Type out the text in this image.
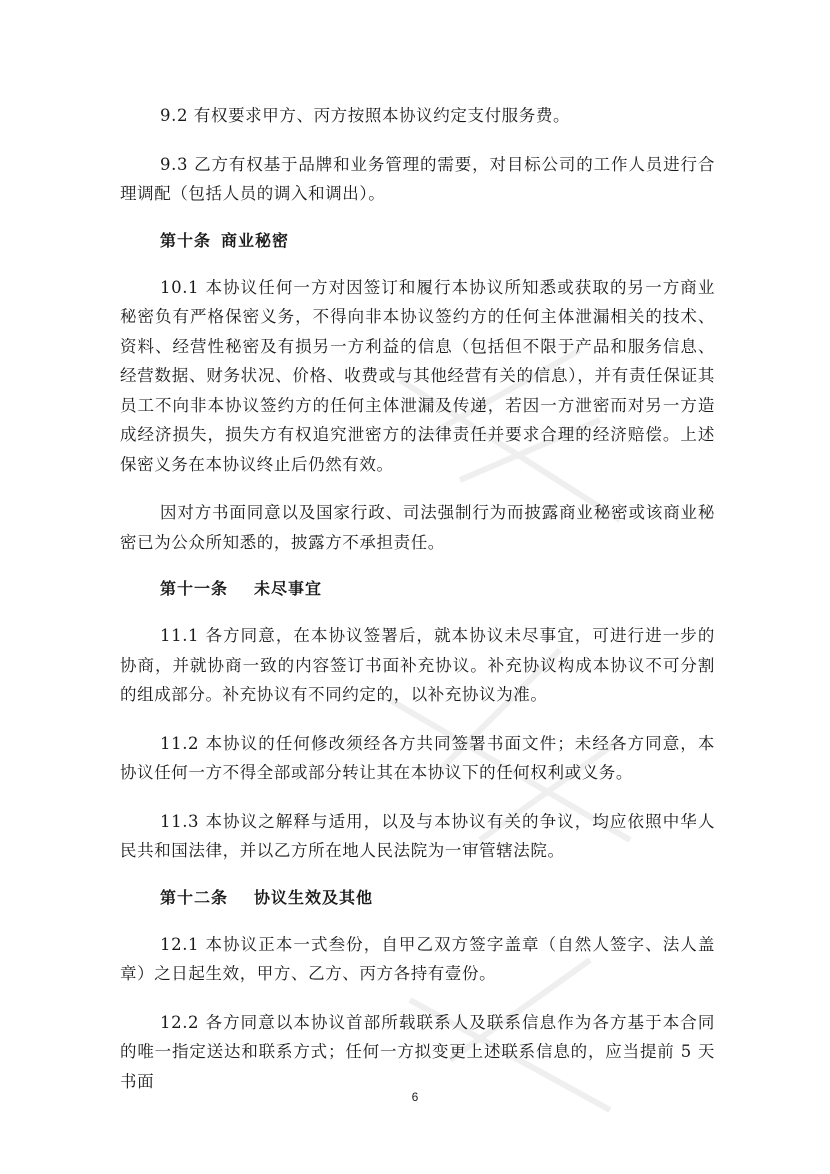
9.2 有权要求甲方、丙方按照本协议约定支付服务费。
9.3 乙方有权基于品牌和业务管理的需要，对目标公司的工作人员进行合理调配（包括人员的调入和调出）。
第十条 商业秘密
10.1 本协议任何一方对因签订和履行本协议所知悉或获取的另一方商业秘密负有严格保密义务，不得向非本协议签约方的任何主体泄漏相关的技术、资料、经营性秘密及有损另一方利益的信息（包括但不限于产品和服务信息、经营数据、财务状况、价格、收费或与其他经营有关的信息），并有责任保证其员工不向非本协议签约方的任何主体泄漏及传递，若因一方泄密而对另一方造成经济损失，损失方有权追究泄密方的法律责任并要求合理的经济赔偿。上述保密义务在本协议终止后仍然有效。
因对方书面同意以及国家行政、司法强制行为而披露商业秘密或该商业秘密已为公众所知悉的，披露方不承担责任。
第十一条 未尽事宜
11.1 各方同意，在本协议签署后，就本协议未尽事宜，可进行进一步的协商，并就协商一致的内容签订书面补充协议。补充协议构成本协议不可分割的组成部分。补充协议有不同约定的，以补充协议为准。
11.2 本协议的任何修改须经各方共同签署书面文件；未经各方同意，本协议任何一方不得全部或部分转让其在本协议下的任何权利或义务。
11.3 本协议之解释与适用，以及与本协议有关的争议，均应依照中华人民共和国法律，并以乙方所在地人民法院为一审管辖法院。
第十二条 协议生效及其他
12.1 本协议正本一式叁份，自甲乙双方签字盖章（自然人签字、法人盖章）之日起生效，甲方、乙方、丙方各持有壹份。
12.2 各方同意以本协议首部所载联系人及联系信息作为各方基于本合同的唯一指定送达和联系方式；任何一方拟变更上述联系信息的，应当提前 5 天书面
6
